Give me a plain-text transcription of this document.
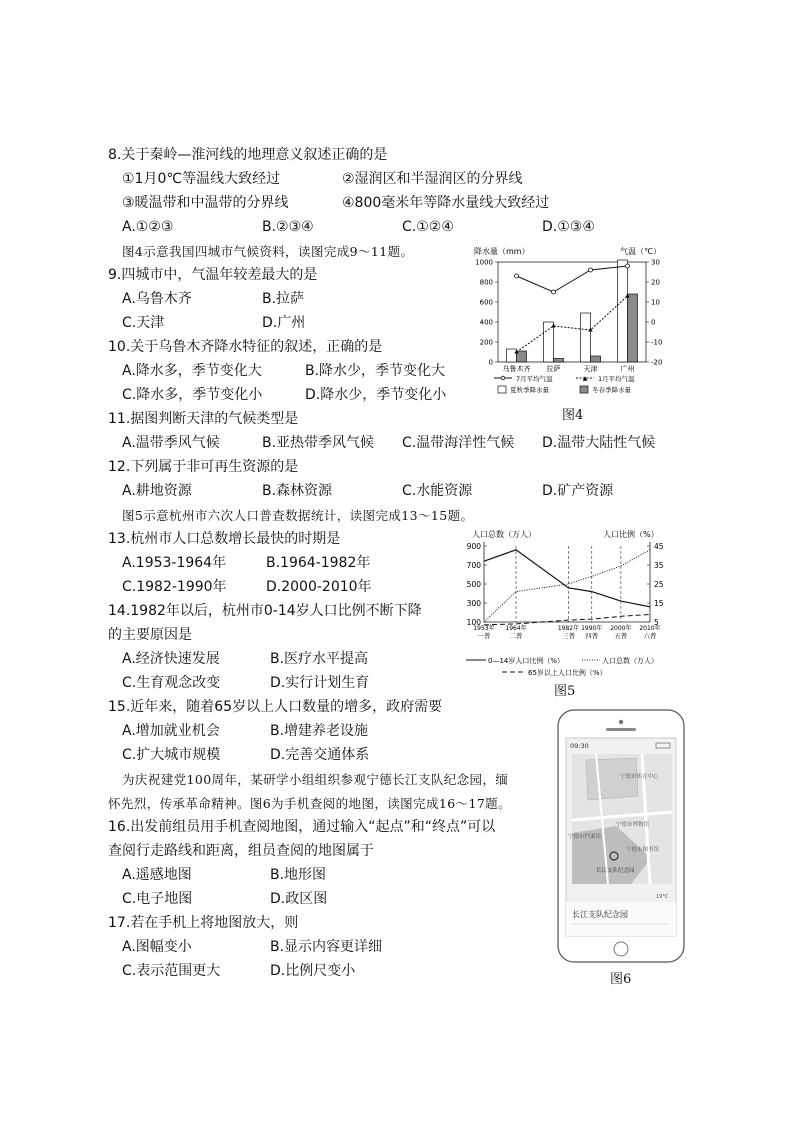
8.关于秦岭—淮河线的地理意义叙述正确的是
①1月0℃等温线大致经过	②湿润区和半湿润区的分界线
③暖温带和中温带的分界线	④800毫米年等降水量线大致经过
A.①②③	B.②③④	C.①②④	D.①③④
图4示意我国四城市气候资料，读图完成9～11题。
9.四城市中，气温年较差最大的是
A.乌鲁木齐	B.拉萨
C.天津	D.广州
10.关于乌鲁木齐降水特征的叙述，正确的是
A.降水多，季节变化大	B.降水少，季节变化大
C.降水多，季节变化小	D.降水少，季节变化小
11.据图判断天津的气候类型是
A.温带季风气候	B.亚热带季风气候 C.温带海洋性气候 D.温带大陆性气候
12.下列属于非可再生资源的是
A.耕地资源	B.森林资源	C.水能资源	D.矿产资源
图5示意杭州市六次人口普查数据统计，读图完成13～15题。
13.杭州市人口总数增长最快的时期是
A.1953-1964年	B.1964-1982年
C.1982-1990年	D.2000-2010年
14.1982年以后，杭州市0-14岁人口比例不断下降
的主要原因是
A.经济快速发展	B.医疗水平提高
C.生育观念改变	D.实行计划生育
15.近年来，随着65岁以上人口数量的增多，政府需要
A.增加就业机会	B.增建养老设施
C.扩大城市规模	D.完善交通体系
为庆祝建党100周年，某研学小组组织参观宁德长江支队纪念园，缅
怀先烈，传承革命精神。图6为手机查阅的地图，读图完成16～17题。
16.出发前组员用手机查阅地图，通过输入“起点”和“终点”可以
查阅行走路线和距离，组员查阅的地图属于
A.遥感地图	B.地形图
C.电子地图	D.政区图
17.若在手机上将地图放大，则
A.图幅变小	B.显示内容更详细
C.表示范围更大	D.比例尺变小
降水量（mm）	气温（℃）
0
200
400
600
800
1000
-20
-10
0
10
20
30
乌鲁木齐 拉萨	天津	广州
7月平均气温	▲ 1月平均气温
夏秋季降水量	冬春季降水量
图4
人口总数（万人）	人口比例（%）
100
300
500
700
900
5
15
25
35
45
1953年
一普
1964年
二普
1982年
三普
1990年
四普
2000年
五普
2010年
六普
0—14岁人口比例（%）	人口总数（万人）
65岁以上人口比例（%）
图5
09:30
宁德市体育中心
宁德市博物馆
宁德市档案馆
宁德市图书馆
长江支队纪念园
19°C
长江支队纪念园
图6
